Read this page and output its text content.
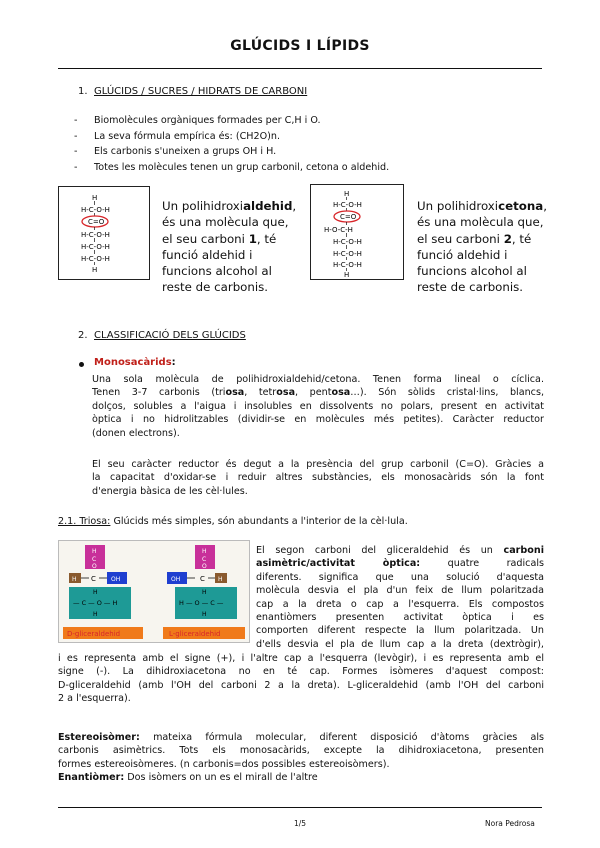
GLÚCIDS I LÍPIDS
1. GLÚCIDS / SUCRES / HIDRATS DE CARBONI
- Biomolècules orgàniques formades per C,H i O.
- La seva fórmula empírica és: (CH2O)n.
- Els carbonis s'uneixen a grups OH i H.
- Totes les molècules tenen un grup carbonil, cetona o aldehid.
H
H-C-O-H
C=O
H-C-O-H
H-C-O-H
H-C-O-H
H
Un polihidroxialdehid,
és una molècula que,
el seu carboni 1, té
funció aldehid i
funcions alcohol al
reste de carbonis.
H
H-C-O-H
C=O
H-O-C-H
H-C-O-H
H-C-O-H
H-C-O-H
H
Un polihidroxicetona,
és una molècula que,
el seu carboni 2, té
funció aldehid i
funcions alcohol al
reste de carbonis.
2. CLASSIFICACIÓ DELS GLÚCIDS
Monosacàrids:
Una sola molècula de polihidroxialdehid/cetona. Tenen forma lineal o cíclica.
Tenen 3-7 carbonis (triosa, tetrosa, pentosa…). Són sòlids cristal·lins, blancs,
dolços, solubles a l'aigua i insolubles en dissolvents no polars, present en activitat
òptica i no hidrolitzables (dividir-se en molècules més petites). Caràcter reductor
(donen electrons).
El seu caràcter reductor és degut a la presència del grup carbonil (C=O). Gràcies a
la capacitat d'oxidar-se i reduir altres substàncies, els monosacàrids són la font
d'energia bàsica de les cèl·lules.
2.1. Triosa: Glúcids més simples, són abundants a l'interior de la cèl·lula.
H
C
O
H C	OH
— C — O — H
H
H
D-gliceraldehid
H
C
O
OH	C H
H — O — C —
H
H
L-gliceraldehid
El segon carboni del gliceraldehid és un carboni
asimètric/activitat òptica: quatre radicals
diferents. significa que una solució d'aquesta
molècula desvia el pla d'un feix de llum polaritzada
cap a la dreta o cap a l'esquerra. Els compostos
enantiòmers presenten activitat òptica i es
comporten diferent respecte la llum polaritzada. Un
d'ells desvia el pla de llum cap a la dreta (dextrògir),
i es representa amb el signe (+), i l'altre cap a l'esquerra (levògir), i es representa amb el
signe (-). La dihidroxiacetona no en té cap. Formes isòmeres d'aquest compost:
D-gliceraldehid (amb l'OH del carboni 2 a la dreta). L-gliceraldehid (amb l'OH del carboni
2 a l'esquerra).
Estereoisòmer: mateixa fórmula molecular, diferent disposició d'àtoms gràcies als
carbonis asimètrics. Tots els monosacàrids, excepte la dihidroxiacetona, presenten
formes estereoisòmeres. (n carbonis=dos possibles estereoisòmers).
Enantiòmer: Dos isòmers on un es el mirall de l'altre
1/5	Nora Pedrosa
